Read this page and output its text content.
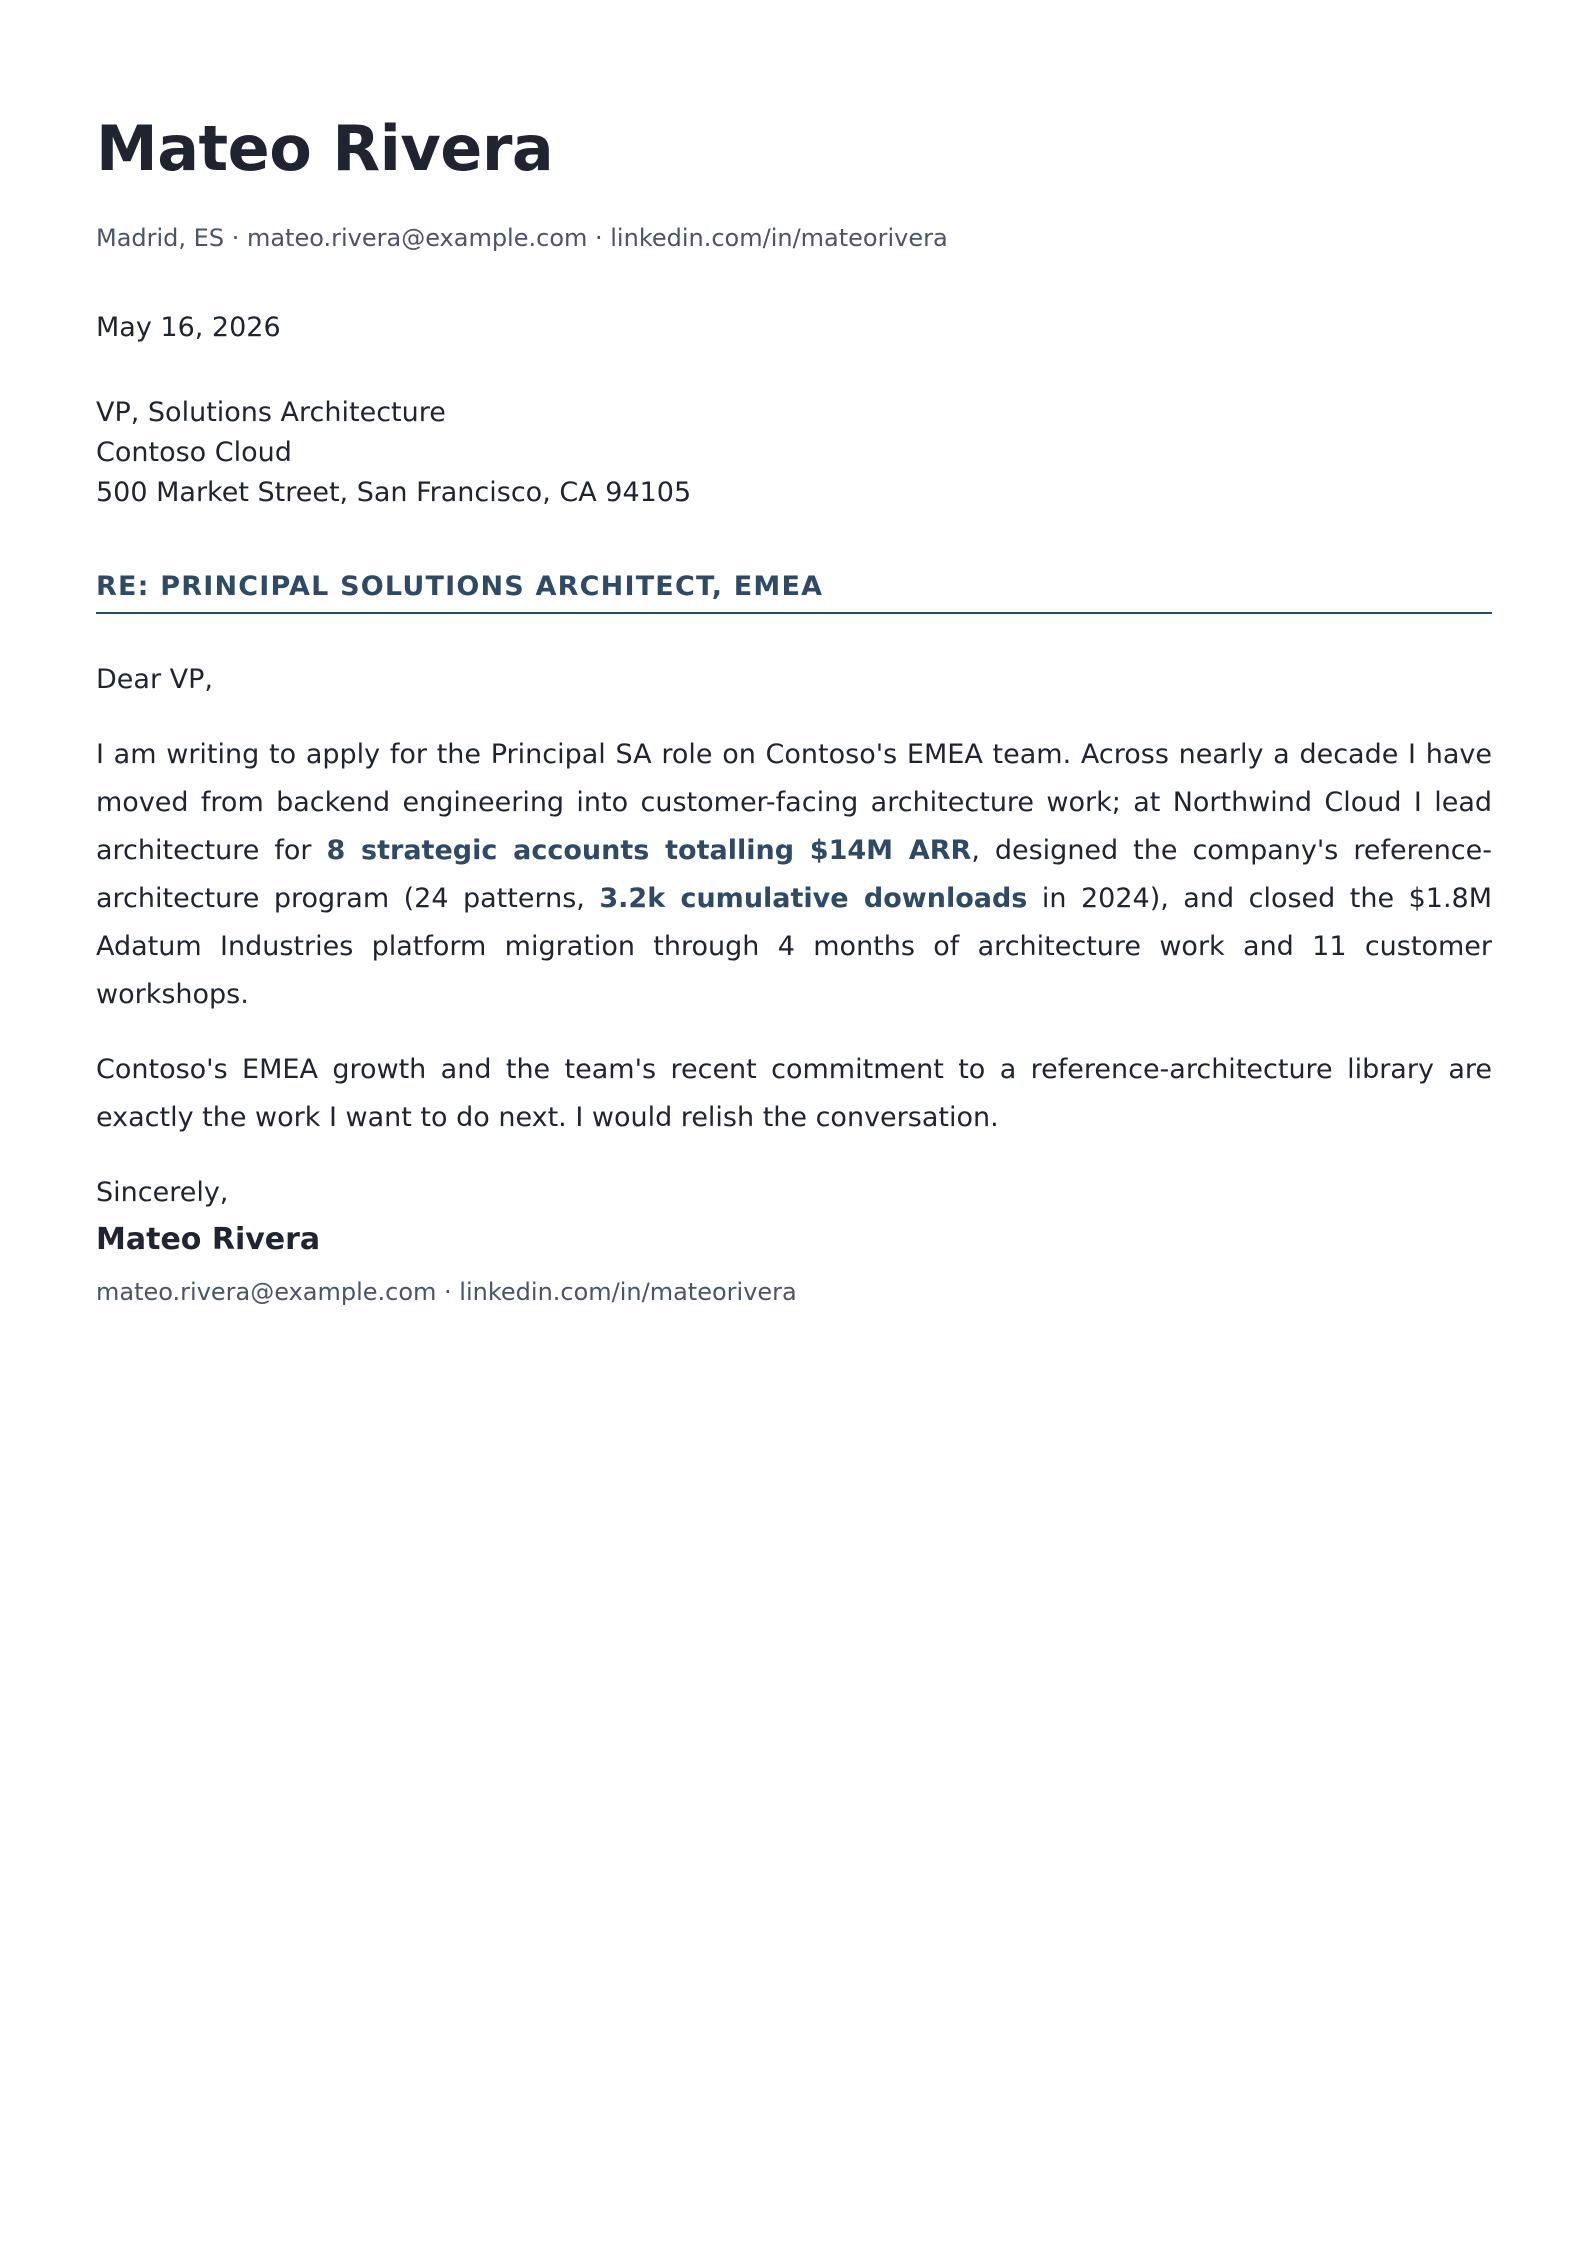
Mateo Rivera
Madrid, ES · mateo.rivera@example.com · linkedin.com/in/mateorivera
May 16, 2026
VP, Solutions Architecture
Contoso Cloud
500 Market Street, San Francisco, CA 94105
RE: PRINCIPAL SOLUTIONS ARCHITECT, EMEA

Dear VP,

I am writing to apply for the Principal SA role on Contoso's EMEA team. Across nearly a decade I have moved from backend engineering into customer-facing architecture work; at Northwind Cloud I lead architecture for 8 strategic accounts totalling $14M ARR, designed the company's reference-architecture program (24 patterns, 3.2k cumulative downloads in 2024), and closed the $1.8M Adatum Industries platform migration through 4 months of architecture work and 11 customer workshops.

Contoso's EMEA growth and the team's recent commitment to a reference-architecture library are exactly the work I want to do next. I would relish the conversation.

Sincerely,

Mateo Rivera
mateo.rivera@example.com · linkedin.com/in/mateorivera
